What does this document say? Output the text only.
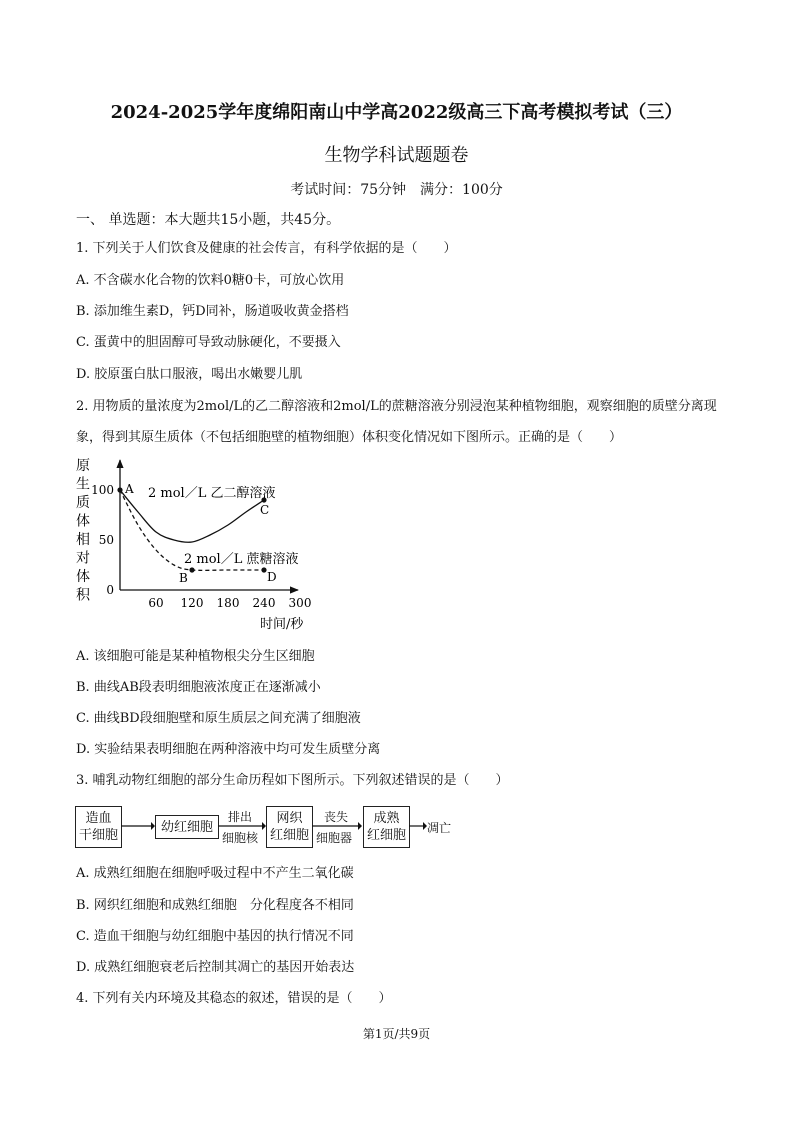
2024-2025学年度绵阳南山中学高2022级高三下高考模拟考试（三）
生物学科试题题卷
考试时间：75分钟　满分：100分
一、 单选题：本大题共15小题，共45分。
1. 下列关于人们饮食及健康的社会传言，有科学依据的是（　　）
A. 不含碳水化合物的饮料0糖0卡，可放心饮用
B. 添加维生素D，钙D同补，肠道吸收黄金搭档
C. 蛋黄中的胆固醇可导致动脉硬化，不要摄入
D. 胶原蛋白肽口服液，喝出水嫩婴儿肌
2. 用物质的量浓度为2mol/L的乙二醇溶液和2mol/L的蔗糖溶液分别浸泡某种植物细胞，观察细胞的质壁分离现象，得到其原生质体（不包括细胞壁的植物细胞）体积变化情况如下图所示。正确的是（　　）
原
生
质
体
相
对
体
积 0
50
100
60 120 180 240 300
A
B
C
D
2 mol／L 乙二醇溶液
2 mol／L 蔗糖溶液
时间/秒
A. 该细胞可能是某种植物根尖分生区细胞
B. 曲线AB段表明细胞液浓度正在逐渐减小
C. 曲线BD段细胞壁和原生质层之间充满了细胞液
D. 实验结果表明细胞在两种溶液中均可发生质壁分离
3. 哺乳动物红细胞的部分生命历程如下图所示。下列叙述错误的是（　　）
造血
干细胞
幼红细胞
排出
细胞核
网织
红细胞
丧失
细胞器
成熟
红细胞	凋亡
A. 成熟红细胞在细胞呼吸过程中不产生二氧化碳
B. 网织红细胞和成熟红细胞　分化程度各不相同
C. 造血干细胞与幼红细胞中基因的执行情况不同
D. 成熟红细胞衰老后控制其凋亡的基因开始表达
4. 下列有关内环境及其稳态的叙述，错误的是（　　）
第1页/共9页
